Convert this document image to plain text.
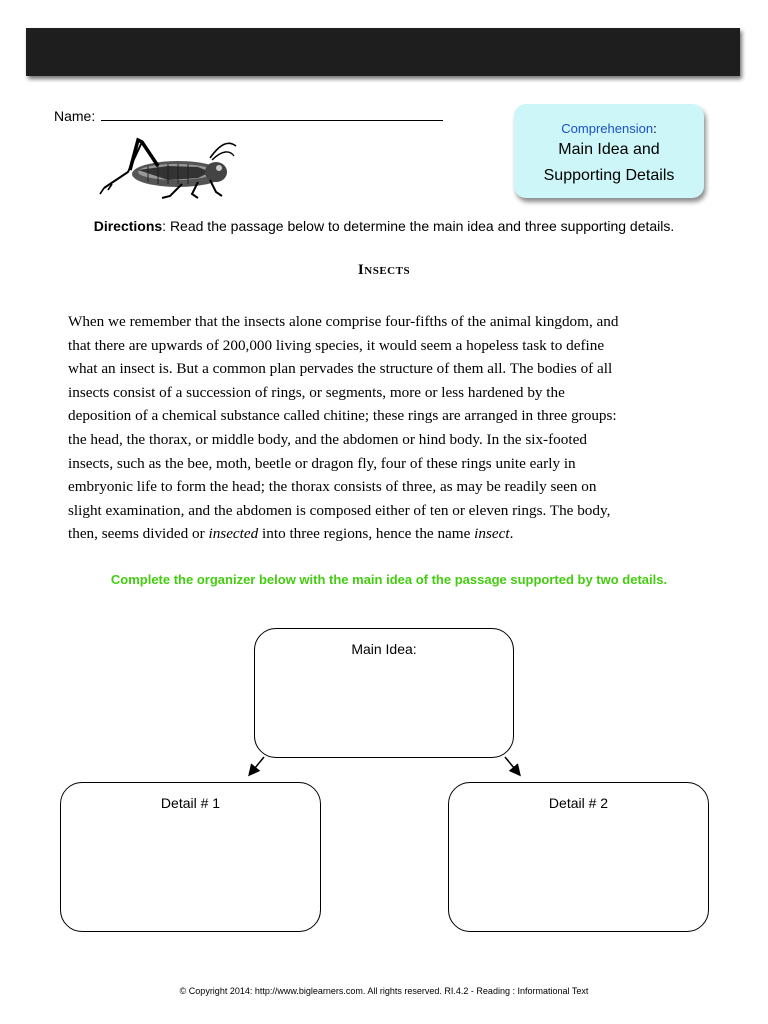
Name:
Comprehension:
Main Idea and
Supporting Details
Directions: Read the passage below to determine the main idea and three supporting details.
Insects
When we remember that the insects alone comprise four-fifths of the animal kingdom, and
that there are upwards of 200,000 living species, it would seem a hopeless task to define
what an insect is. But a common plan pervades the structure of them all. The bodies of all
insects consist of a succession of rings, or segments, more or less hardened by the
deposition of a chemical substance called chitine; these rings are arranged in three groups:
the head, the thorax, or middle body, and the abdomen or hind body. In the six-footed
insects, such as the bee, moth, beetle or dragon fly, four of these rings unite early in
embryonic life to form the head; the thorax consists of three, as may be readily seen on
slight examination, and the abdomen is composed either of ten or eleven rings. The body,
then, seems divided or insected into three regions, hence the name insect.
Complete the organizer below with the main idea of the passage supported by two details.
Main Idea:
Detail # 1	Detail # 2
© Copyright 2014: http://www.biglearners.com. All rights reserved. RI.4.2 - Reading : Informational Text
